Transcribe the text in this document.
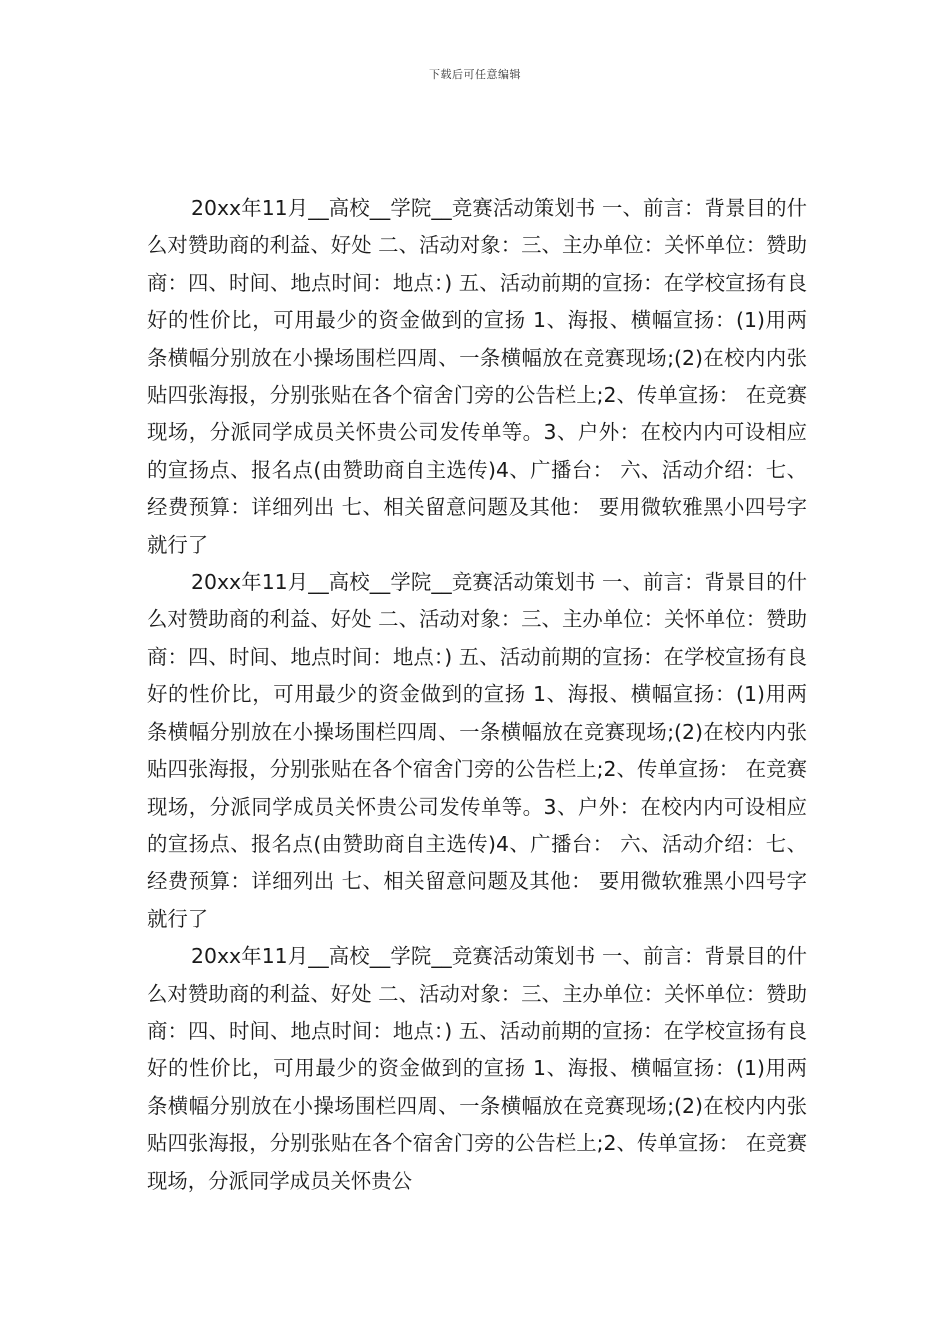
下载后可任意编辑

20xx年11月__高校__学院__竞赛活动策划书 一、前言：背景目的什么对赞助商的利益、好处 二、活动对象：三、主办单位：关怀单位：赞助商：四、时间、地点时间：地点：) 五、活动前期的宣扬：在学校宣扬有良好的性价比，可用最少的资金做到的宣扬 1、海报、横幅宣扬：(1)用两条横幅分别放在小操场围栏四周、一条横幅放在竞赛现场;(2)在校内内张贴四张海报，分别张贴在各个宿舍门旁的公告栏上;2、传单宣扬： 在竞赛现场，分派同学成员关怀贵公司发传单等。3、户外：在校内内可设相应的宣扬点、报名点(由赞助商自主选传)4、广播台： 六、活动介绍：七、经费预算：详细列出 七、相关留意问题及其他： 要用微软雅黑小四号字就行了

20xx年11月__高校__学院__竞赛活动策划书 一、前言：背景目的什么对赞助商的利益、好处 二、活动对象：三、主办单位：关怀单位：赞助商：四、时间、地点时间：地点：) 五、活动前期的宣扬：在学校宣扬有良好的性价比，可用最少的资金做到的宣扬 1、海报、横幅宣扬：(1)用两条横幅分别放在小操场围栏四周、一条横幅放在竞赛现场;(2)在校内内张贴四张海报，分别张贴在各个宿舍门旁的公告栏上;2、传单宣扬： 在竞赛现场，分派同学成员关怀贵公司发传单等。3、户外：在校内内可设相应的宣扬点、报名点(由赞助商自主选传)4、广播台： 六、活动介绍：七、经费预算：详细列出 七、相关留意问题及其他： 要用微软雅黑小四号字就行了

20xx年11月__高校__学院__竞赛活动策划书 一、前言：背景目的什么对赞助商的利益、好处 二、活动对象：三、主办单位：关怀单位：赞助商：四、时间、地点时间：地点：) 五、活动前期的宣扬：在学校宣扬有良好的性价比，可用最少的资金做到的宣扬 1、海报、横幅宣扬：(1)用两条横幅分别放在小操场围栏四周、一条横幅放在竞赛现场;(2)在校内内张贴四张海报，分别张贴在各个宿舍门旁的公告栏上;2、传单宣扬： 在竞赛现场，分派同学成员关怀贵公
